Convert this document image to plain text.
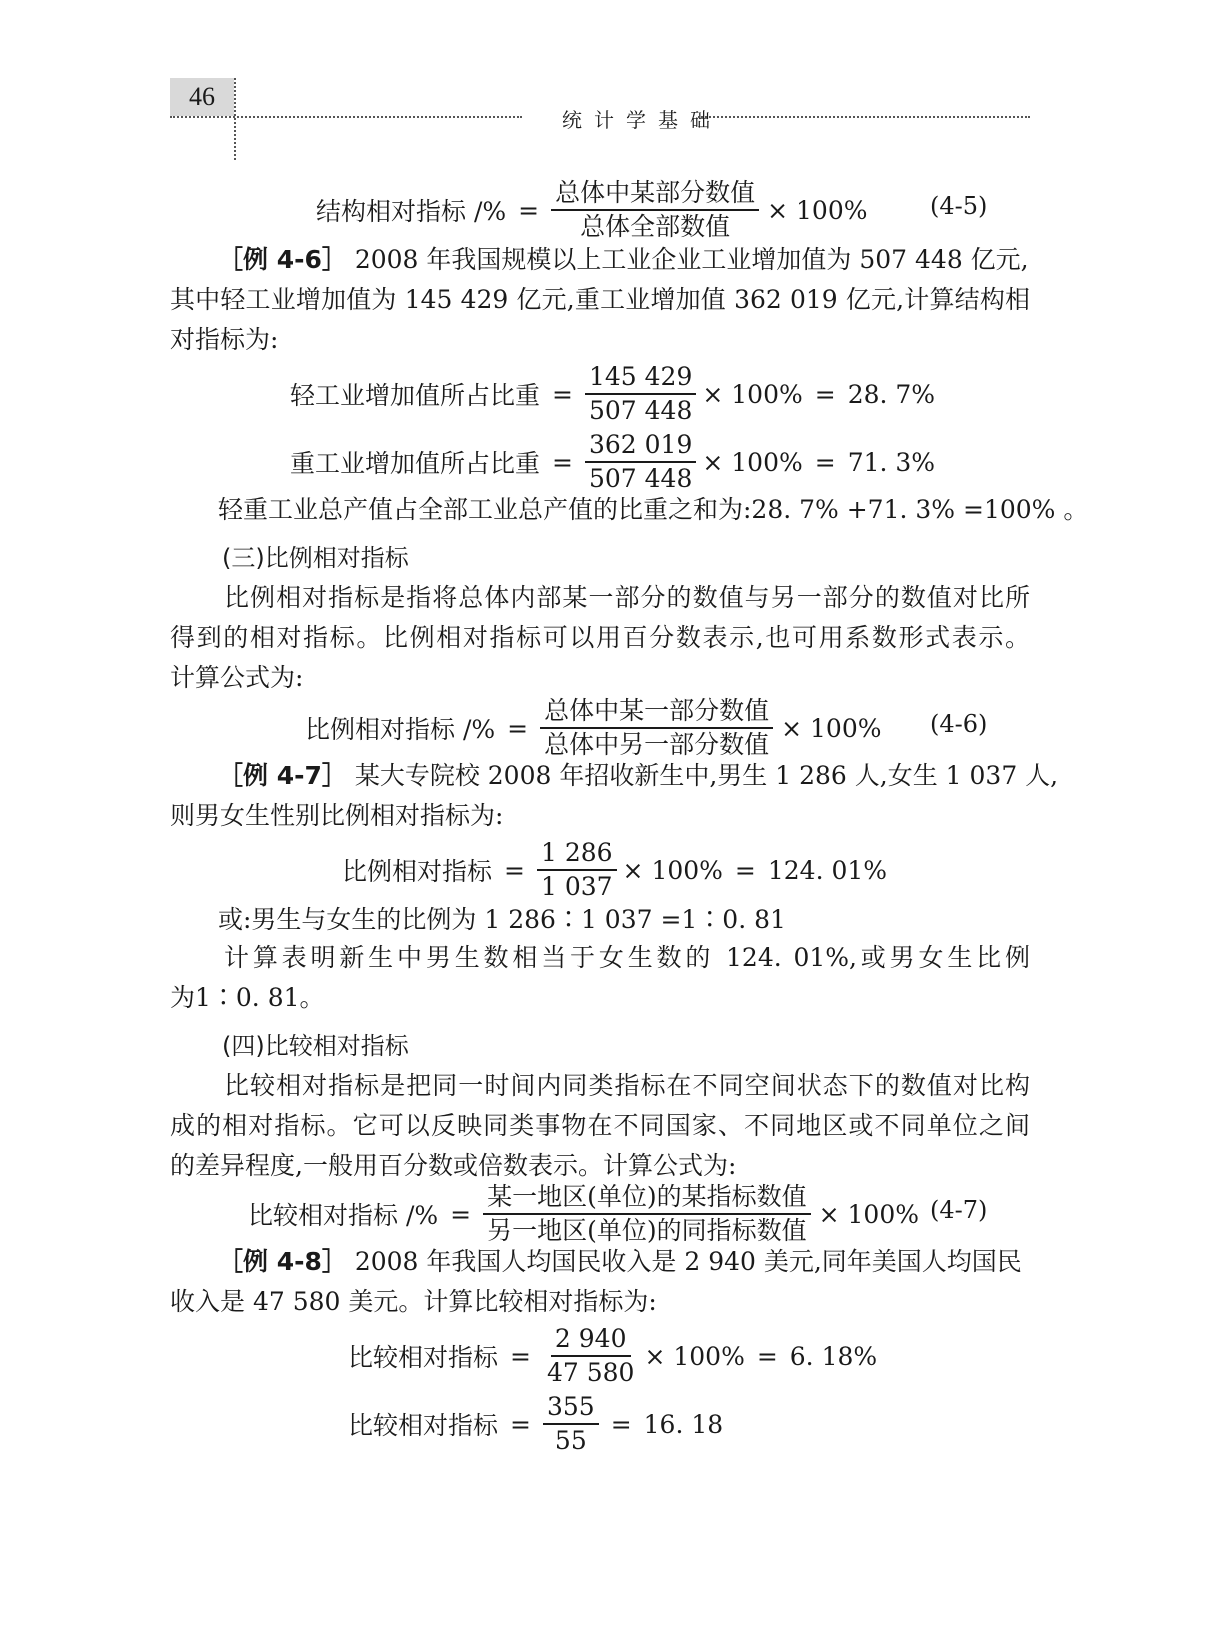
46
统计学基础
结构相对指标 /% = $\frac{\text{总体中某部分数值}}{\text{总体全部数值}} \times 100\%$	(4-5)
［例 4-6］ 2008 年我国规模以上工业企业工业增加值为 507 448 亿元,
其中轻工业增加值为 145 429 亿元,重工业增加值 362 019 亿元,计算结构相
对指标为:
轻工业增加值所占比重 = $\frac{145 429}{507 448} \times 100\% = 28$. 7%
重工业增加值所占比重 = $\frac{362 019}{507 448} \times 100\% = 71$. 3%
轻重工业总产值占全部工业总产值的比重之和为:28. 7% +71. 3% =100% 。
(三)比例相对指标
比例相对指标是指将总体内部某一部分的数值与另一部分的数值对比所
得到的相对指标。比例相对指标可以用百分数表示,也可用系数形式表示。
计算公式为:
比例相对指标 /% = $\frac{\text{总体中某一部分数值}}{\text{总体中另一部分数值}} \times 100\%$ (4-6)
［例 4-7］ 某大专院校 2008 年招收新生中,男生 1 286 人,女生 1 037 人,
则男女生性别比例相对指标为:
比例相对指标 = $\frac{1 286}{1 037} \times 100\% = 124$. 01%
或:男生与女生的比例为 1 286∶1 037 =1∶0. 81
计算表明新生中男生数相当于女生数的 124. 01%,或男女生比例
为1∶0. 81。
(四)比较相对指标
比较相对指标是把同一时间内同类指标在不同空间状态下的数值对比构
成的相对指标。它可以反映同类事物在不同国家、不同地区或不同单位之间
的差异程度,一般用百分数或倍数表示。计算公式为:
比较相对指标 /% = $\frac{\text{某一地区(单位)的某指标数值}}{\text{另一地区(单位)的同指标数值}} \times 100\%$ (4-7)
［例 4-8］ 2008 年我国人均国民收入是 2 940 美元,同年美国人均国民
收入是 47 580 美元。计算比较相对指标为:
比较相对指标 = $\frac{2 940}{47 580} \times 100\% = 6$. 18%
比较相对指标 = $\frac{355}{55} = 16$. 18
